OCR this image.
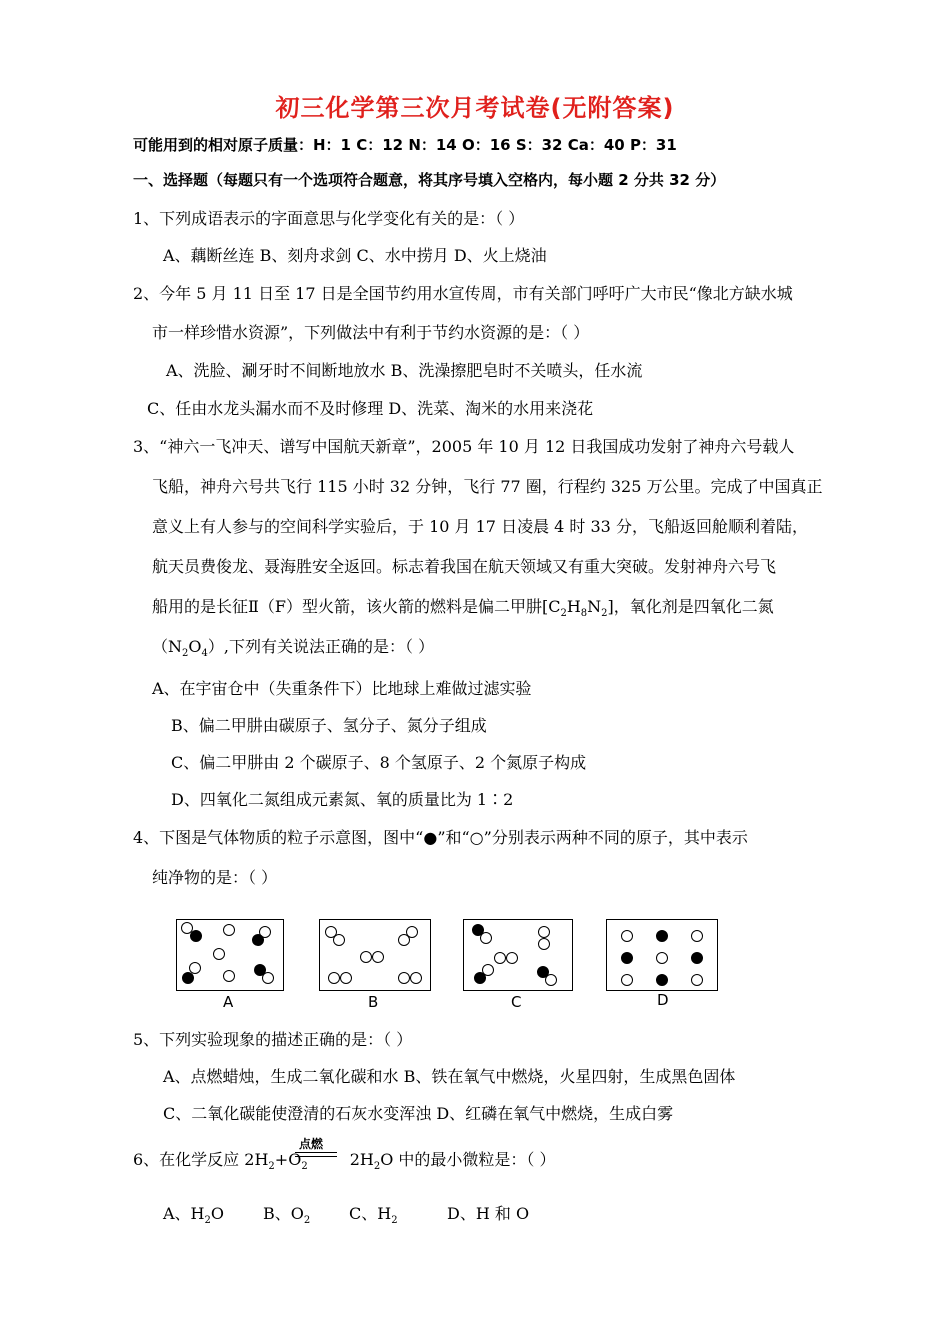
初三化学第三次月考试卷(无附答案)
可能用到的相对原子质量：H：1 C：12 N：14 O：16 S：32 Ca：40 P：31
一、选择题（每题只有一个选项符合题意，将其序号填入空格内，每小题 2 分共 32 分）
1、下列成语表示的字面意思与化学变化有关的是：（ ）
A、藕断丝连 B、刻舟求剑 C、水中捞月 D、火上烧油
2、今年 5 月 11 日至 17 日是全国节约用水宣传周，市有关部门呼吁广大市民“像北方缺水城
市一样珍惜水资源”，下列做法中有利于节约水资源的是：（ ）
A、洗脸、涮牙时不间断地放水 B、洗澡擦肥皂时不关喷头，任水流
C、任由水龙头漏水而不及时修理 D、洗菜、淘米的水用来浇花
3、“神六一飞冲天、谱写中国航天新章”，2005 年 10 月 12 日我国成功发射了神舟六号载人
飞船，神舟六号共飞行 115 小时 32 分钟，飞行 77 圈，行程约 325 万公里。完成了中国真正
意义上有人参与的空间科学实验后，于 10 月 17 日凌晨 4 时 33 分，飞船返回舱顺利着陆，
航天员费俊龙、聂海胜安全返回。标志着我国在航天领域又有重大突破。发射神舟六号飞
船用的是长征Ⅱ（F）型火箭，该火箭的燃料是偏二甲肼$[C_2H_8N_2]$，氧化剂是四氧化二氮
$(N_2O_4)$,下列有关说法正确的是：（ ）
A、在宇宙仓中（失重条件下）比地球上难做过滤实验
B、偏二甲肼由碳原子、氢分子、氮分子组成
C、偏二甲肼由 2 个碳原子、8 个氢原子、2 个氮原子构成
D、四氧化二氮组成元素氮、氧的质量比为 1∶2
4、下图是气体物质的粒子示意图，图中“●”和“○”分别表示两种不同的原子，其中表示
纯净物的是：（ ）
A	B	C	D
5、下列实验现象的描述正确的是：（ ）
A、点燃蜡烛，生成二氧化碳和水 B、铁在氧气中燃烧，火星四射，生成黑色固体
C、二氧化碳能使澄清的石灰水变浑浊 D、红磷在氧气中燃烧，生成白雾
6、在化学反应 $2H_2+O_2$	$2H_2O$ 中的最小微粒是：（ ）
点燃
A、$H_2O$ B、$O_2$ C、$H_2$	D、H 和 O
